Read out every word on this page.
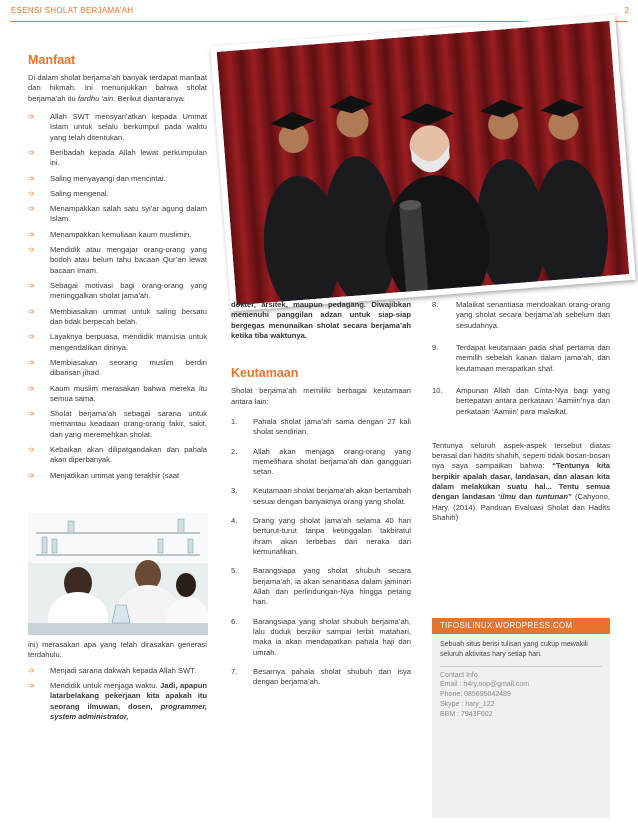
ESENSI SHOLAT BERJAMA’AH	2
Manfaat

Di dalam sholat berjama’ah banyak terdapat manfaat dan hikmah. Ini menunjukkan bahwa sholat berjama’ah itu fardhu ‘ain. Berikut diantaranya:

➩ Allah SWT mensyari’atkan kepada Ummat Islam untuk selalu berkumpul pada waktu yang telah ditentukan.
➩ Beribadah kepada Allah lewat perkumpulan ini.
➩ Saling menyayangi dan mencintai.
➩ Saling mengenal.
➩ Menampakkan salah satu syi’ar agung dalam Islam.
➩ Menampakkan kemuliaan kaum muslimin.
➩ Mendidik atau mengajar orang-orang yang bodoh atau belum tahu bacaan Qur’an lewat bacaan Imam.
➩ Sebagai motivasi bagi orang-orang yang meninggalkan sholat jama’ah.
➩ Membiasakan ummat untuk saling bersatu dan tidak berpecah belah.
➩ Layaknya berpuasa, mendidik manusia untuk mengendalikan dirinya.
➩ Membiasakan seorang muslim berdiri dibarisan jihad.
➩ Kaum muslim merasakan bahwa mereka itu semua sama.
➩ Sholat berjama’ah sebagai sarana untuk memantau keadaan orang-orang fakir, sakit, dan yang meremehkan sholat.
➩ Kebaikan akan dilipatgandakan dan pahala akan diperbanyak.
➩ Menjadikan ummat yang terakhir (saat
ini) merasakan apa yang telah dirasakan generasi terdahulu.
➩ Menjadi sarana dakwah kepada Allah SWT.
➩ Mendidik untuk menjaga waktu. Jadi, apapun latarbelakang pekerjaan kita apakah itu seorang ilmuwan, dosen, programmer, system administrator,

dokter, arsitek, maupun pedagang. Diwajibkan memenuhi panggilan adzan untuk siap-siap bergegas menunaikan sholat secara berjama’ah ketika tiba waktunya.

Keutamaan

Sholat berjama’ah memiliki berbagai keutamaan antara lain:

1. Pahala sholat jama’ah sama dengan 27 kali sholat sendirian.
2. Allah akan menjaga orang-orang yang memelihara sholat berjama’ah dari gangguan setan.
3. Keutamaan sholat berjama’ah akan bertambah sesuai dengan banyaknya orang yang sholat.
4. Orang yang sholat jama’ah selama 40 hari berturut-turut tanpa ketinggalan takbiratul ihram akan terbebas dari neraka dan kemunafikan.
5. Barangsiapa yang sholat shubuh secara berjama’ah, ia akan senantiasa dalam jaminan Allah dan perlindungan-Nya hingga petang hari.
6. Barangsiapa yang sholat shubuh berjama’ah, lalu duduk berzikir sampai terbit matahari, maka ia akan mendapatkan pahala haji dan umrah.
7. Besarnya pahala sholat shubuh dan isya dengan berjama’ah.
8. Malaikat senantiasa mendoakan orang-orang yang sholat secara berjama’ah sebelum dan sesudahnya.
9. Terdapat keutamaan pada shaf pertama dan memilih sebelah kanan dalam jama’ah, dan keutamaan merapatkan shaf.
10. Ampunan Allah dan Cinta-Nya bagi yang bertepatan antara perkataan ‘Aamiin’nya dan perkataan ‘Aamiin’ para malaikat.

Tentunya seluruh aspek-aspek tersebut diatas berasal dari hadits shahih, seperti tidak bosan-bosan nya saya sampaikan bahwa: “Tentunya kita berpikir apalah dasar, landasan, dan alasan kita dalam melakukan suatu hal... Tentu semua dengan landasan ‘ilmu dan tuntunan” (Cahyono, Hary. (2014). Panduan Evaluasi Sholat dan Hadits Shahih)

TIFOSILINUX.WORDPRESS.COM

Sebuah situs berisi tulisan yang cukup mewakili seluruh aktivitas hary setiap hari.

Contact Info.
Email : h4ry.oop@gmail.com
Phone: 085695042489
Skype : hary_122
BBM : 7943F602
